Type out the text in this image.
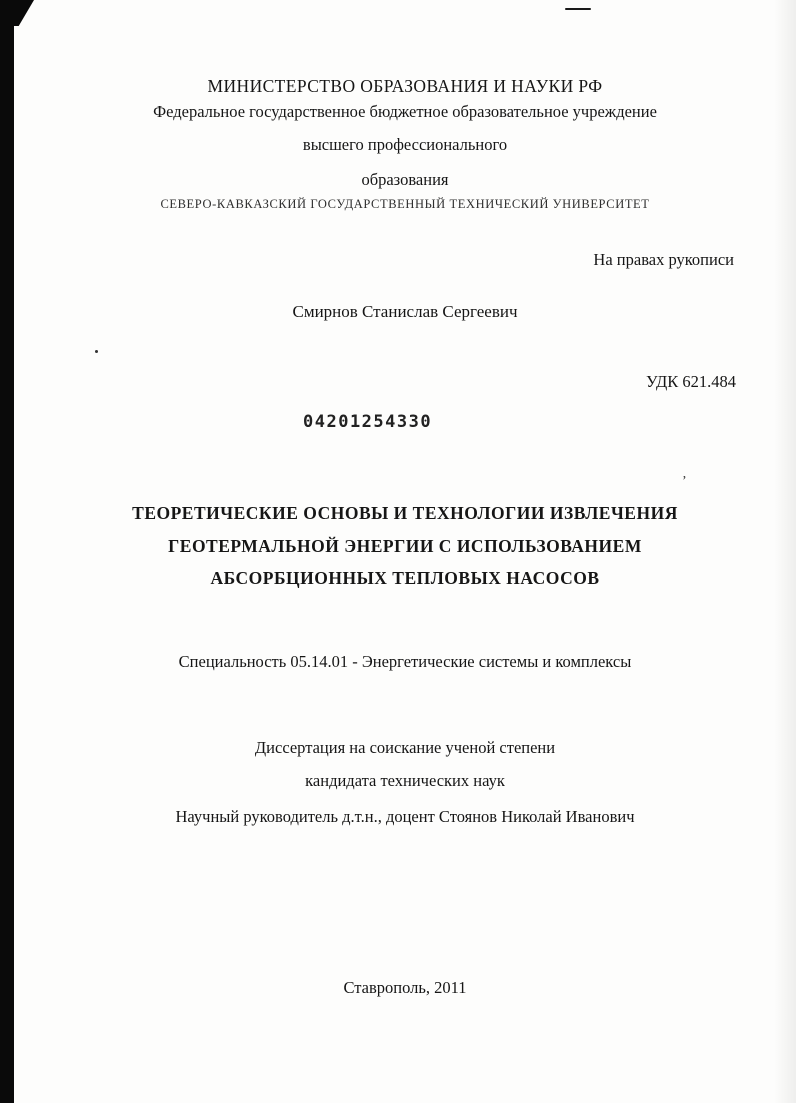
’
МИНИСТЕРСТВО ОБРАЗОВАНИЯ И НАУКИ РФ
Федеральное государственное бюджетное образовательное учреждение
высшего профессионального
образования
СЕВЕРО-КАВКАЗСКИЙ ГОСУДАРСТВЕННЫЙ ТЕХНИЧЕСКИЙ УНИВЕРСИТЕТ
На правах рукописи
Смирнов Станислав Сергеевич
УДК 621.484
04201254330
ТЕОРЕТИЧЕСКИЕ ОСНОВЫ И ТЕХНОЛОГИИ ИЗВЛЕЧЕНИЯ
ГЕОТЕРМАЛЬНОЙ ЭНЕРГИИ С ИСПОЛЬЗОВАНИЕМ
АБСОРБЦИОННЫХ ТЕПЛОВЫХ НАСОСОВ
Специальность 05.14.01 - Энергетические системы и комплексы
Диссертация на соискание ученой степени
кандидата технических наук
Научный руководитель д.т.н., доцент Стоянов Николай Иванович
Ставрополь, 2011
